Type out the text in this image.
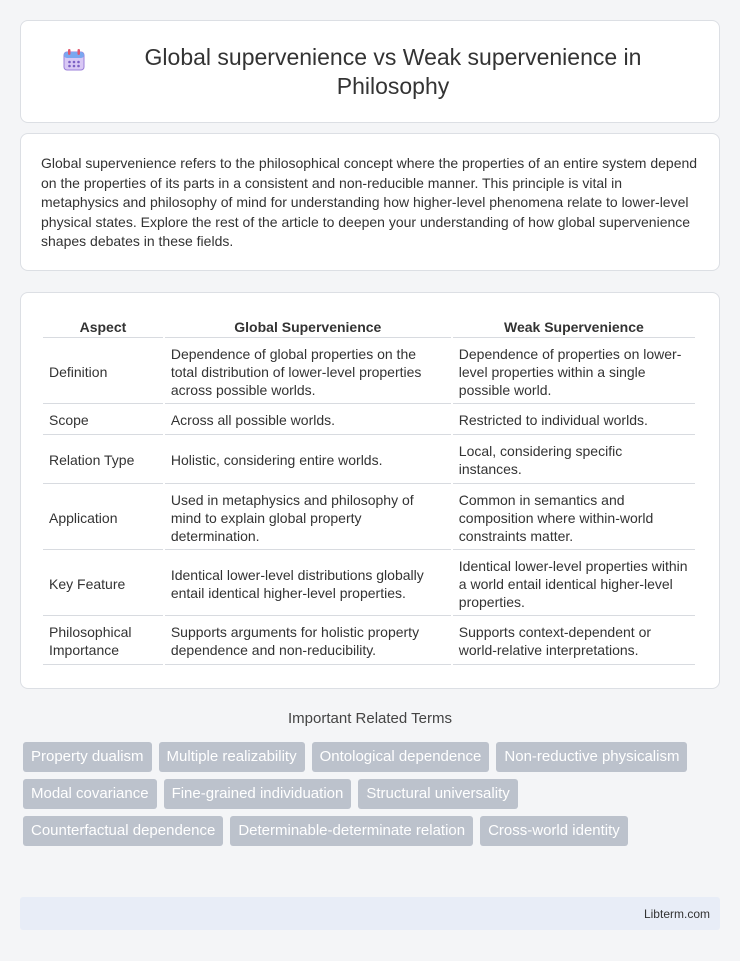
Global supervenience vs Weak supervenience in Philosophy

Global supervenience refers to the philosophical concept where the properties of an entire system depend on the properties of its parts in a consistent and non-reducible manner. This principle is vital in metaphysics and philosophy of mind for understanding how higher-level phenomena relate to lower-level physical states. Explore the rest of the article to deepen your understanding of how global supervenience shapes debates in these fields.

Aspect	Global Supervenience	Weak Supervenience
Definition	Dependence of global properties on the total distribution of lower-level properties across possible worlds.	Dependence of properties on lower-level properties within a single possible world.
Scope	Across all possible worlds.	Restricted to individual worlds.
Relation Type	Holistic, considering entire worlds.	Local, considering specific instances.
Application	Used in metaphysics and philosophy of mind to explain global property determination.	Common in semantics and composition where within-world constraints matter.
Key Feature	Identical lower-level distributions globally entail identical higher-level properties.	Identical lower-level properties within a world entail identical higher-level properties.
Philosophical Importance	Supports arguments for holistic property dependence and non-reducibility.	Supports context-dependent or world-relative interpretations.
Important Related Terms
Property dualism	Multiple realizability	Ontological dependence	Non-reductive physicalism
Modal covariance	Fine-grained individuation	Structural universality
Counterfactual dependence	Determinable-determinate relation	Cross-world identity
Libterm.com
